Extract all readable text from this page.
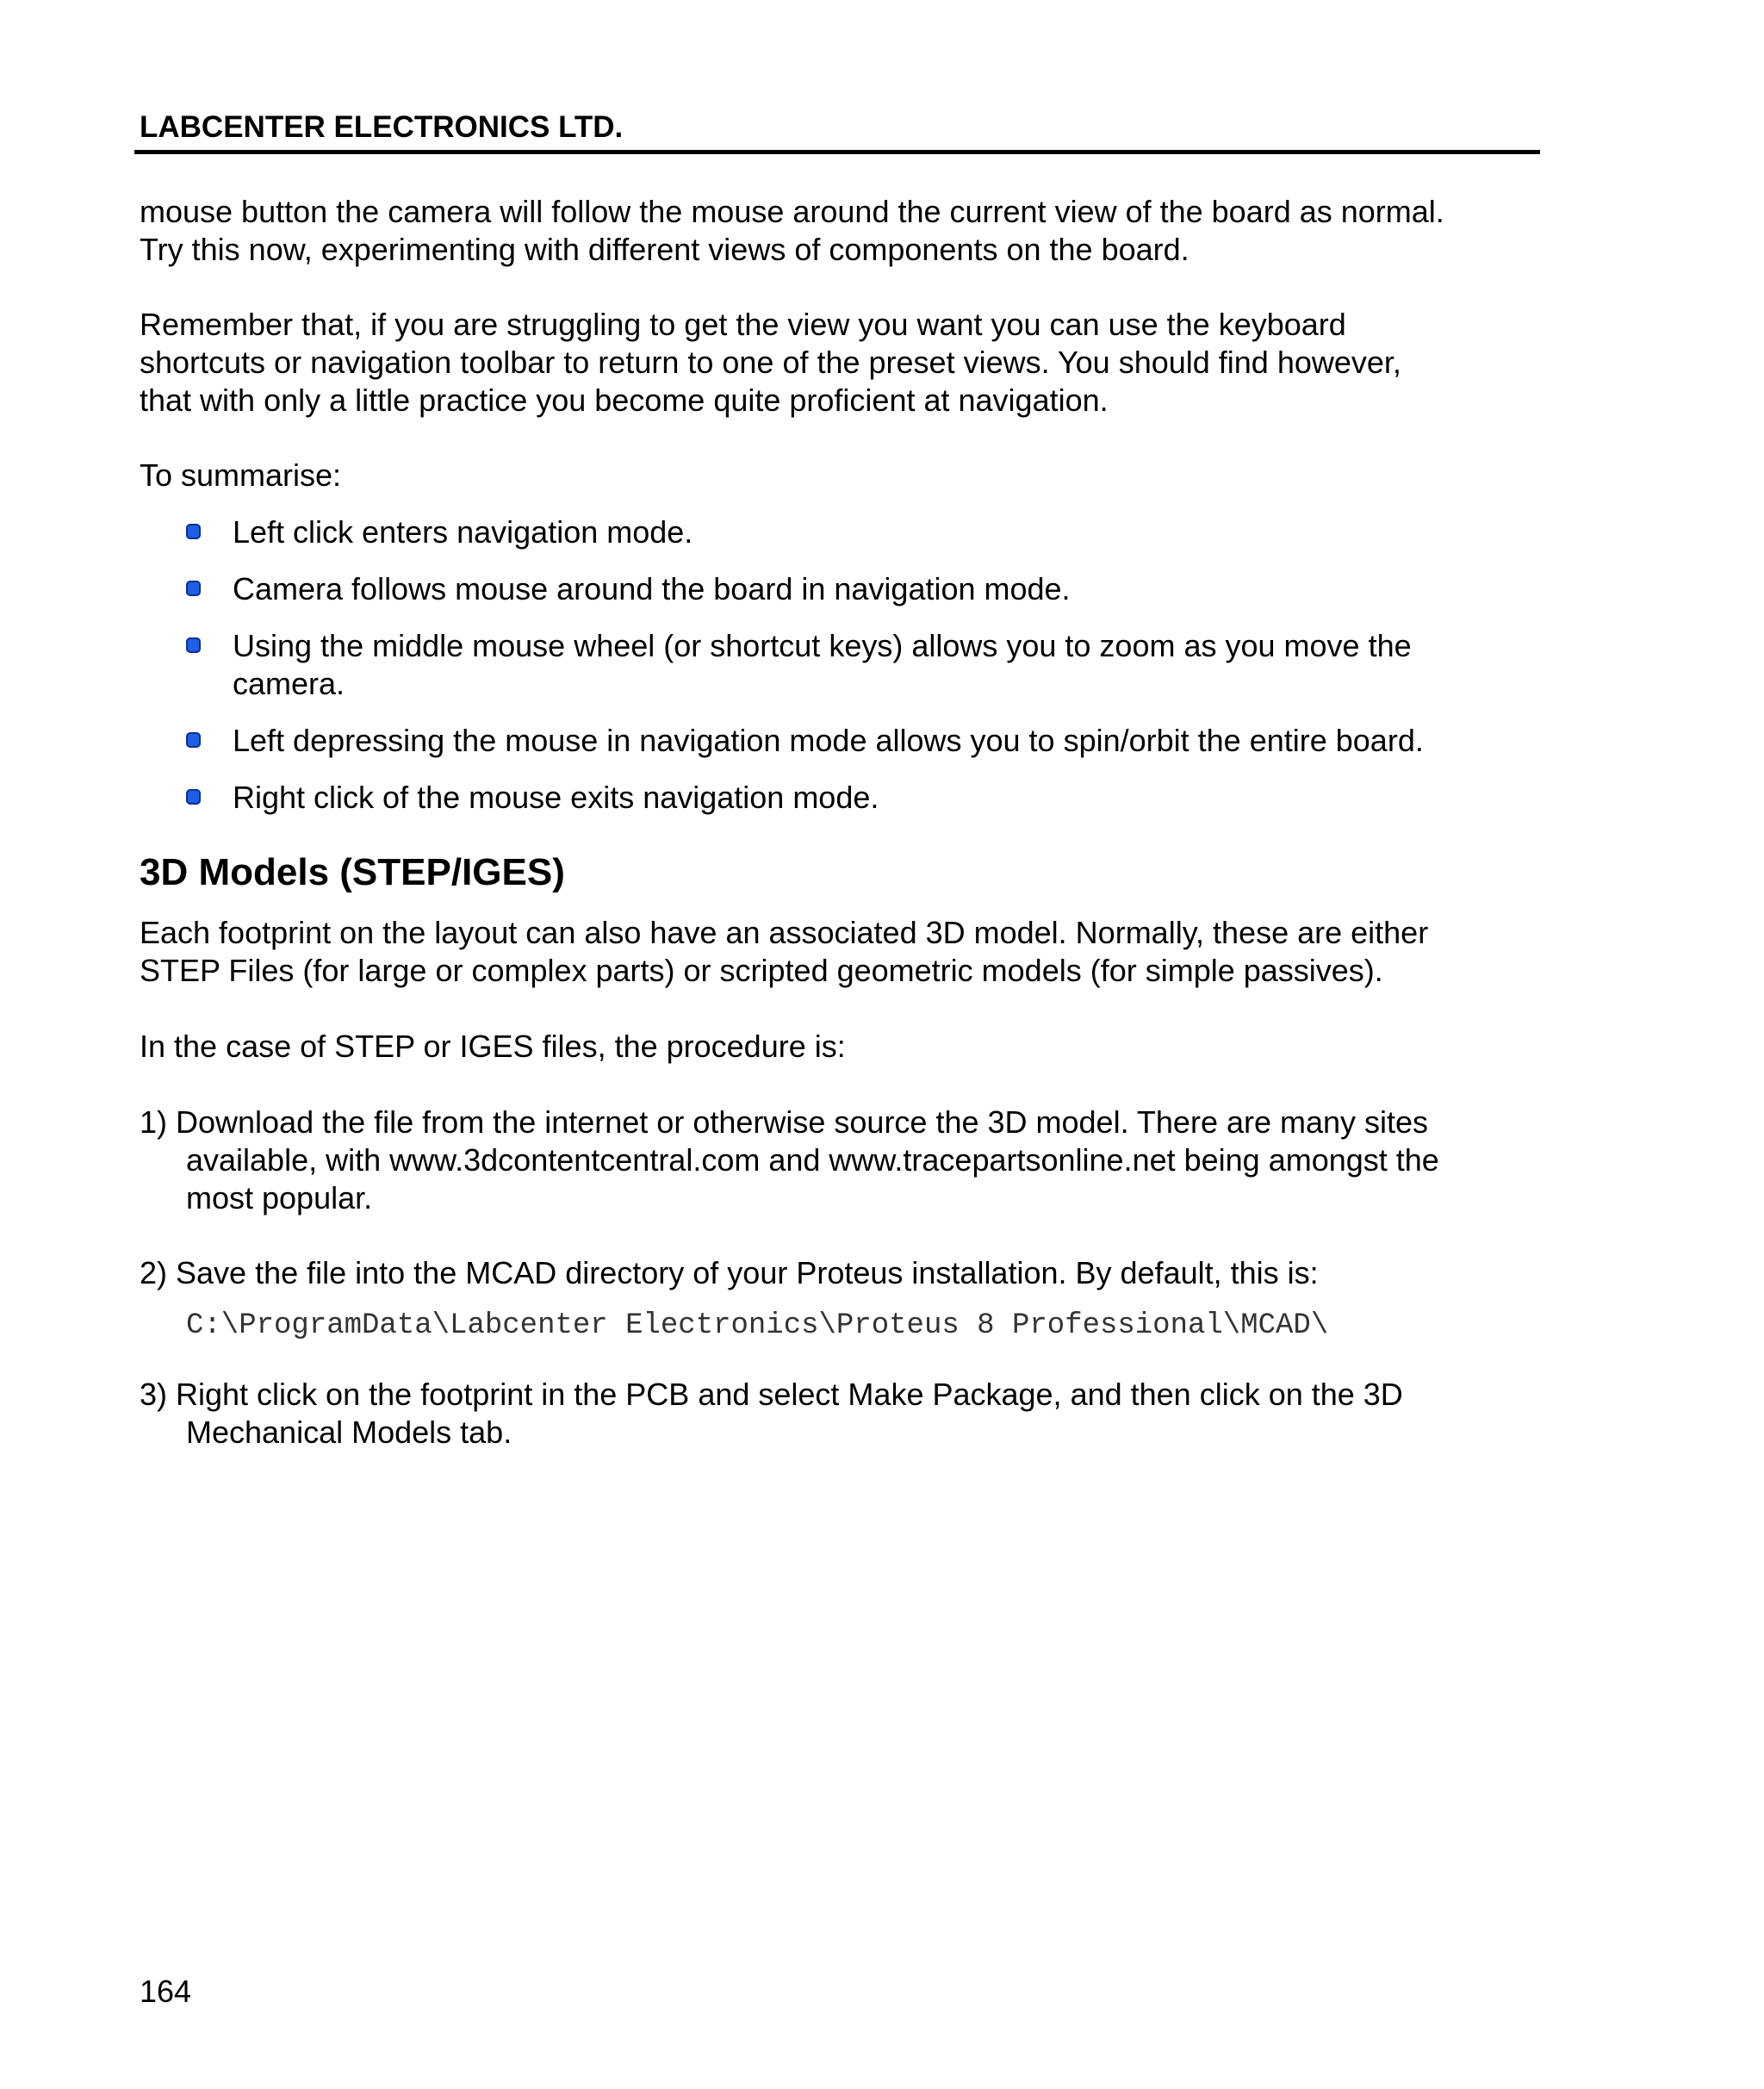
LABCENTER ELECTRONICS LTD.
mouse button the camera will follow the mouse around the current view of the board as normal.
Try this now, experimenting with different views of components on the board.
Remember that, if you are struggling to get the view you want you can use the keyboard
shortcuts or navigation toolbar to return to one of the preset views. You should find however,
that with only a little practice you become quite proficient at navigation.
To summarise:
Left click enters navigation mode.
Camera follows mouse around the board in navigation mode.
Using the middle mouse wheel (or shortcut keys) allows you to zoom as you move the
camera.
Left depressing the mouse in navigation mode allows you to spin/orbit the entire board.
Right click of the mouse exits navigation mode.
3D Models (STEP/IGES)
Each footprint on the layout can also have an associated 3D model. Normally, these are either
STEP Files (for large or complex parts) or scripted geometric models (for simple passives).
In the case of STEP or IGES files, the procedure is:
1) Download the file from the internet or otherwise source the 3D model. There are many sites
available, with www.3dcontentcentral.com and www.tracepartsonline.net being amongst the
most popular.
2) Save the file into the MCAD directory of your Proteus installation. By default, this is:
C:\ProgramData\Labcenter Electronics\Proteus 8 Professional\MCAD\
3) Right click on the footprint in the PCB and select Make Package, and then click on the 3D
Mechanical Models tab.
164
